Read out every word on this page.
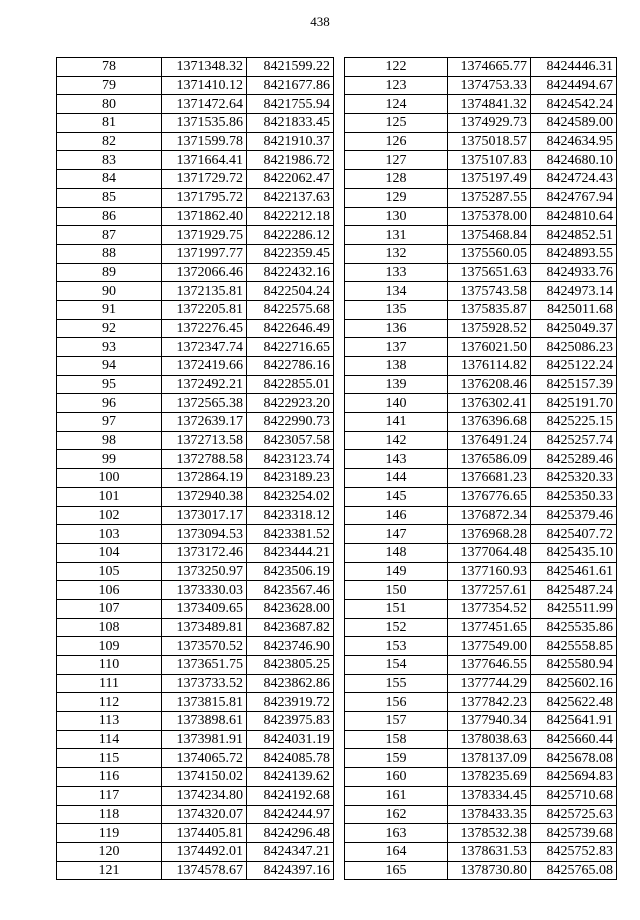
438
78	1371348.32	8421599.22
79	1371410.12	8421677.86
80	1371472.64	8421755.94
81	1371535.86	8421833.45
82	1371599.78	8421910.37
83	1371664.41	8421986.72
84	1371729.72	8422062.47
85	1371795.72	8422137.63
86	1371862.40	8422212.18
87	1371929.75	8422286.12
88	1371997.77	8422359.45
89	1372066.46	8422432.16
90	1372135.81	8422504.24
91	1372205.81	8422575.68
92	1372276.45	8422646.49
93	1372347.74	8422716.65
94	1372419.66	8422786.16
95	1372492.21	8422855.01
96	1372565.38	8422923.20
97	1372639.17	8422990.73
98	1372713.58	8423057.58
99	1372788.58	8423123.74
100	1372864.19	8423189.23
101	1372940.38	8423254.02
102	1373017.17	8423318.12
103	1373094.53	8423381.52
104	1373172.46	8423444.21
105	1373250.97	8423506.19
106	1373330.03	8423567.46
107	1373409.65	8423628.00
108	1373489.81	8423687.82
109	1373570.52	8423746.90
110	1373651.75	8423805.25
111	1373733.52	8423862.86
112	1373815.81	8423919.72
113	1373898.61	8423975.83
114	1373981.91	8424031.19
115	1374065.72	8424085.78
116	1374150.02	8424139.62
117	1374234.80	8424192.68
118	1374320.07	8424244.97
119	1374405.81	8424296.48
120	1374492.01	8424347.21
121	1374578.67	8424397.16
122	1374665.77	8424446.31
123	1374753.33	8424494.67
124	1374841.32	8424542.24
125	1374929.73	8424589.00
126	1375018.57	8424634.95
127	1375107.83	8424680.10
128	1375197.49	8424724.43
129	1375287.55	8424767.94
130	1375378.00	8424810.64
131	1375468.84	8424852.51
132	1375560.05	8424893.55
133	1375651.63	8424933.76
134	1375743.58	8424973.14
135	1375835.87	8425011.68
136	1375928.52	8425049.37
137	1376021.50	8425086.23
138	1376114.82	8425122.24
139	1376208.46	8425157.39
140	1376302.41	8425191.70
141	1376396.68	8425225.15
142	1376491.24	8425257.74
143	1376586.09	8425289.46
144	1376681.23	8425320.33
145	1376776.65	8425350.33
146	1376872.34	8425379.46
147	1376968.28	8425407.72
148	1377064.48	8425435.10
149	1377160.93	8425461.61
150	1377257.61	8425487.24
151	1377354.52	8425511.99
152	1377451.65	8425535.86
153	1377549.00	8425558.85
154	1377646.55	8425580.94
155	1377744.29	8425602.16
156	1377842.23	8425622.48
157	1377940.34	8425641.91
158	1378038.63	8425660.44
159	1378137.09	8425678.08
160	1378235.69	8425694.83
161	1378334.45	8425710.68
162	1378433.35	8425725.63
163	1378532.38	8425739.68
164	1378631.53	8425752.83
165	1378730.80	8425765.08
